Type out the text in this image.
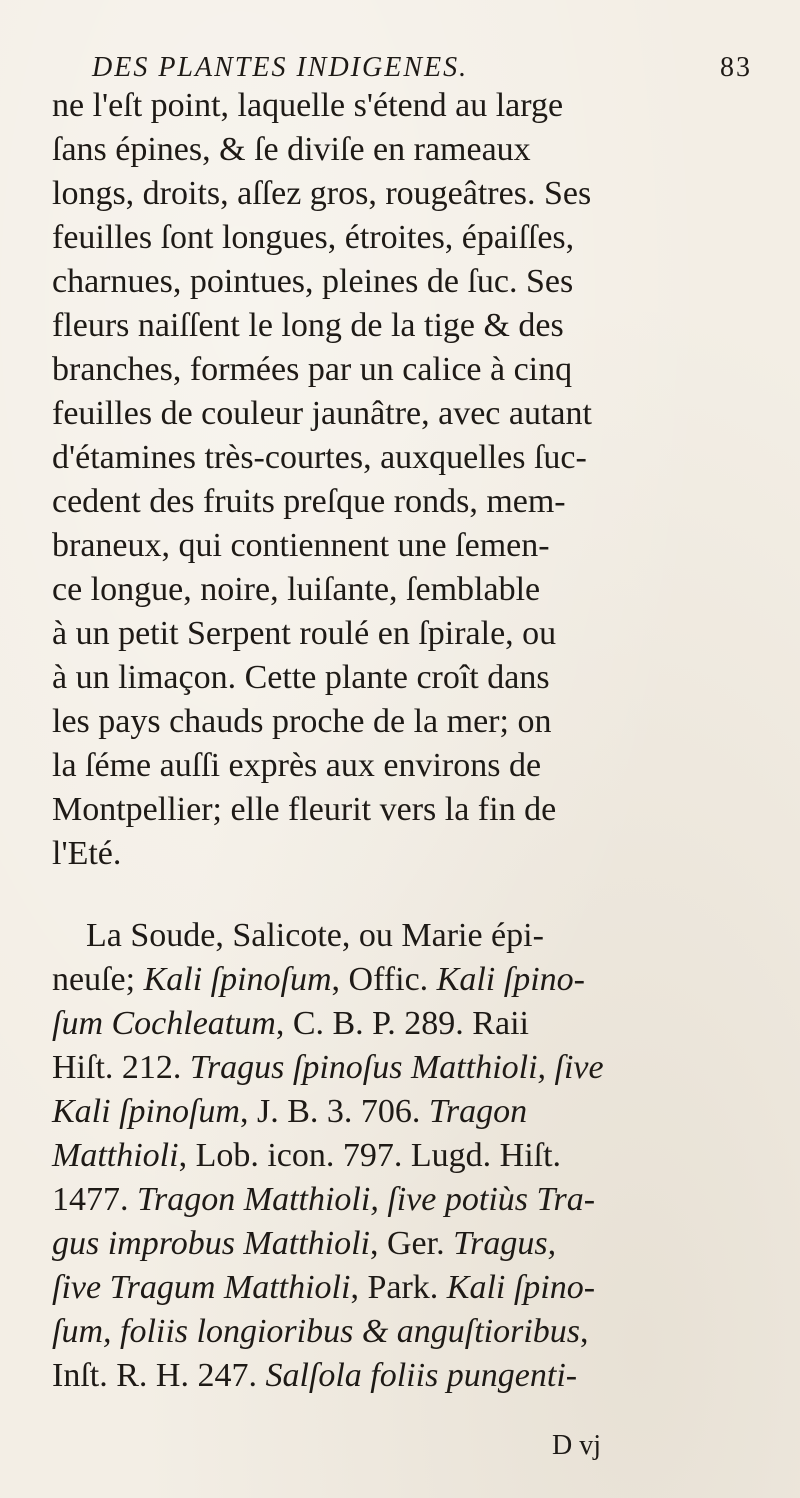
DES PLANTES INDIGENES.	83
ne l'eſt point, laquelle s'étend au large
ſans épines, & ſe diviſe en rameaux
longs, droits, aſſez gros, rougeâtres. Ses
feuilles ſont longues, étroites, épaiſſes,
charnues, pointues, pleines de ſuc. Ses
fleurs naiſſent le long de la tige & des
branches, formées par un calice à cinq
feuilles de couleur jaunâtre, avec autant
d'étamines très-courtes, auxquelles ſuc-
cedent des fruits preſque ronds, mem-
braneux, qui contiennent une ſemen-
ce longue, noire, luiſante, ſemblable
à un petit Serpent roulé en ſpirale, ou
à un limaçon. Cette plante croît dans
les pays chauds proche de la mer; on
la ſéme auſſi exprès aux environs de
Montpellier; elle fleurit vers la fin de
l'Eté.
La Soude, Salicote, ou Marie épi-
neuſe; Kali ſpinoſum, Offic. Kali ſpino-
ſum Cochleatum, C. B. P. 289. Raii
Hiſt. 212. Tragus ſpinoſus Matthioli, ſive
Kali ſpinoſum, J. B. 3. 706. Tragon
Matthioli, Lob. icon. 797. Lugd. Hiſt.
1477. Tragon Matthioli, ſive potiùs Tra-
gus improbus Matthioli, Ger. Tragus,
ſive Tragum Matthioli, Park. Kali ſpino-
ſum, foliis longioribus & anguſtioribus,
Inſt. R. H. 247. Salſola foliis pungenti-
D vj
